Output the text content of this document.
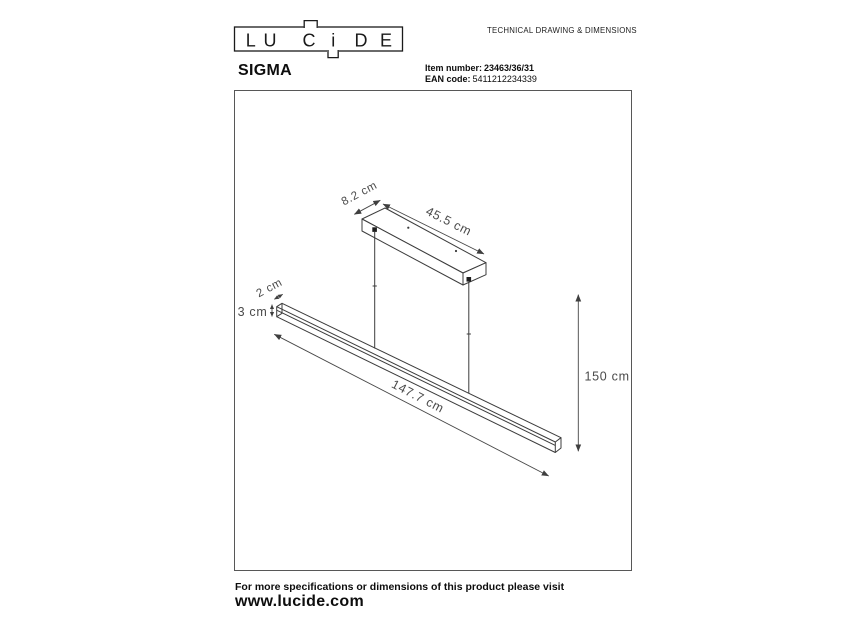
L U C i D E	TECHNICAL DRAWING & DIMENSIONS
SIGMA	Item number: 23463/36/31
EAN code: 5411212234339
8.2 cm
45.5 cm
2 cm
3 cm
147.7 cm
150 cm
For more specifications or dimensions of this product please visit
www.lucide.com
